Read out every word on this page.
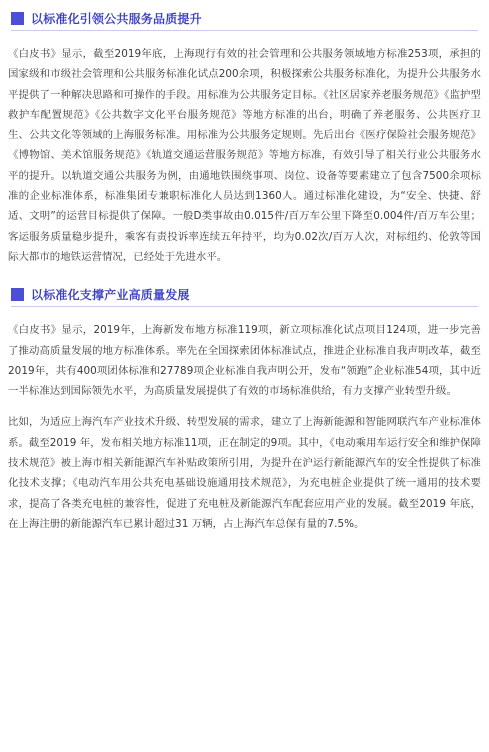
以标准化引领公共服务品质提升

《白皮书》显示，截至2019年底，上海现行有效的社会管理和公共服务领域地方标准253项，承担的国家级和市级社会管理和公共服务标准化试点200余项，积极探索公共服务标准化，为提升公共服务水平提供了一种解决思路和可操作的手段。用标准为公共服务定目标。《社区居家养老服务规范》《监护型救护车配置规范》《公共数字文化平台服务规范》等地方标准的出台，明确了养老服务、公共医疗卫生、公共文化等领域的上海服务标准。用标准为公共服务定规则。先后出台《医疗保险社会服务规范》《博物馆、美术馆服务规范》《轨道交通运营服务规范》等地方标准，有效引导了相关行业公共服务水平的提升。以轨道交通公共服务为例，由通地铁围绕事项、岗位、设备等要素建立了包含7500余项标准的企业标准体系，标准集团专兼职标准化人员达到1360人。通过标准化建设，为“安全、快捷、舒适、文明”的运营目标提供了保障。一般D类事故由0.015件/百万车公里下降至0.004件/百万车公里；客运服务质量稳步提升，乘客有责投诉率连续五年持平，均为0.02次/百万人次，对标纽约、伦敦等国际大都市的地铁运营情况，已经处于先进水平。

以标准化支撑产业高质量发展

《白皮书》显示，2019年，上海新发布地方标准119项，新立项标准化试点项目124项，进一步完善了推动高质量发展的地方标准体系。率先在全国探索团体标准试点，推进企业标准自我声明改革，截至2019年，共有400项团体标准和27789项企业标准自我声明公开，发布“领跑”企业标准54项，其中近一半标准达到国际领先水平，为高质量发展提供了有效的市场标准供给，有力支撑产业转型升级。

比如，为适应上海汽车产业技术升级、转型发展的需求，建立了上海新能源和智能网联汽车产业标准体系。截至2019 年，发布相关地方标准11项，正在制定的9项。其中，《电动乘用车运行安全和维护保障技术规范》被上海市相关新能源汽车补贴政策所引用，为提升在沪运行新能源汽车的安全性提供了标准化技术支撑；《电动汽车用公共充电基础设施通用技术规范》，为充电桩企业提供了统一通用的技术要求，提高了各类充电桩的兼容性，促进了充电桩及新能源汽车配套应用产业的发展。截至2019 年底，在上海注册的新能源汽车已累计超过31 万辆，占上海汽车总保有量的7.5%。
